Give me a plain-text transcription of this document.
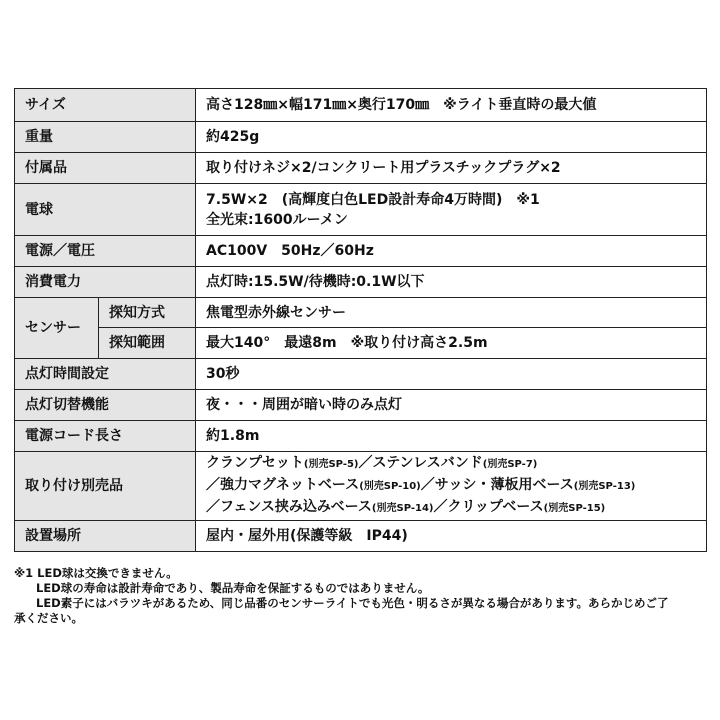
サイズ		高さ128㎜×幅171㎜×奥行170㎜　※ライト垂直時の最大値
重量		約425g
付属品		取り付けネジ×2/コンクリート用プラスチックプラグ×2
電球		7.5W×2　(高輝度白色LED設計寿命4万時間)　※1
全光束:1600ルーメン

電源／電圧		AC100V　50Hz／60Hz
消費電力		点灯時:15.5W/待機時:0.1W以下
センサー	探知方式	焦電型赤外線センサー
	探知範囲	最大140°　最遠8m　※取り付け高さ2.5m
点灯時間設定		30秒
点灯切替機能		夜・・・周囲が暗い時のみ点灯
電源コード長さ		約1.8m
取り付け別売品		クランプセット(別売SP-5)／ステンレスバンド(別売SP-7)
／強力マグネットベース(別売SP-10)／サッシ・薄板用ベース(別売SP-13)
／フェンス挟み込みベース(別売SP-14)／クリップベース(別売SP-15)

設置場所		屋内・屋外用(保護等級　IP44)
※1 LED球は交換できません。
LED球の寿命は設計寿命であり、製品寿命を保証するものではありません。
LED素子にはバラツキがあるため、同じ品番のセンサーライトでも光色・明るさが異なる場合があります。あらかじめご了
承ください。
